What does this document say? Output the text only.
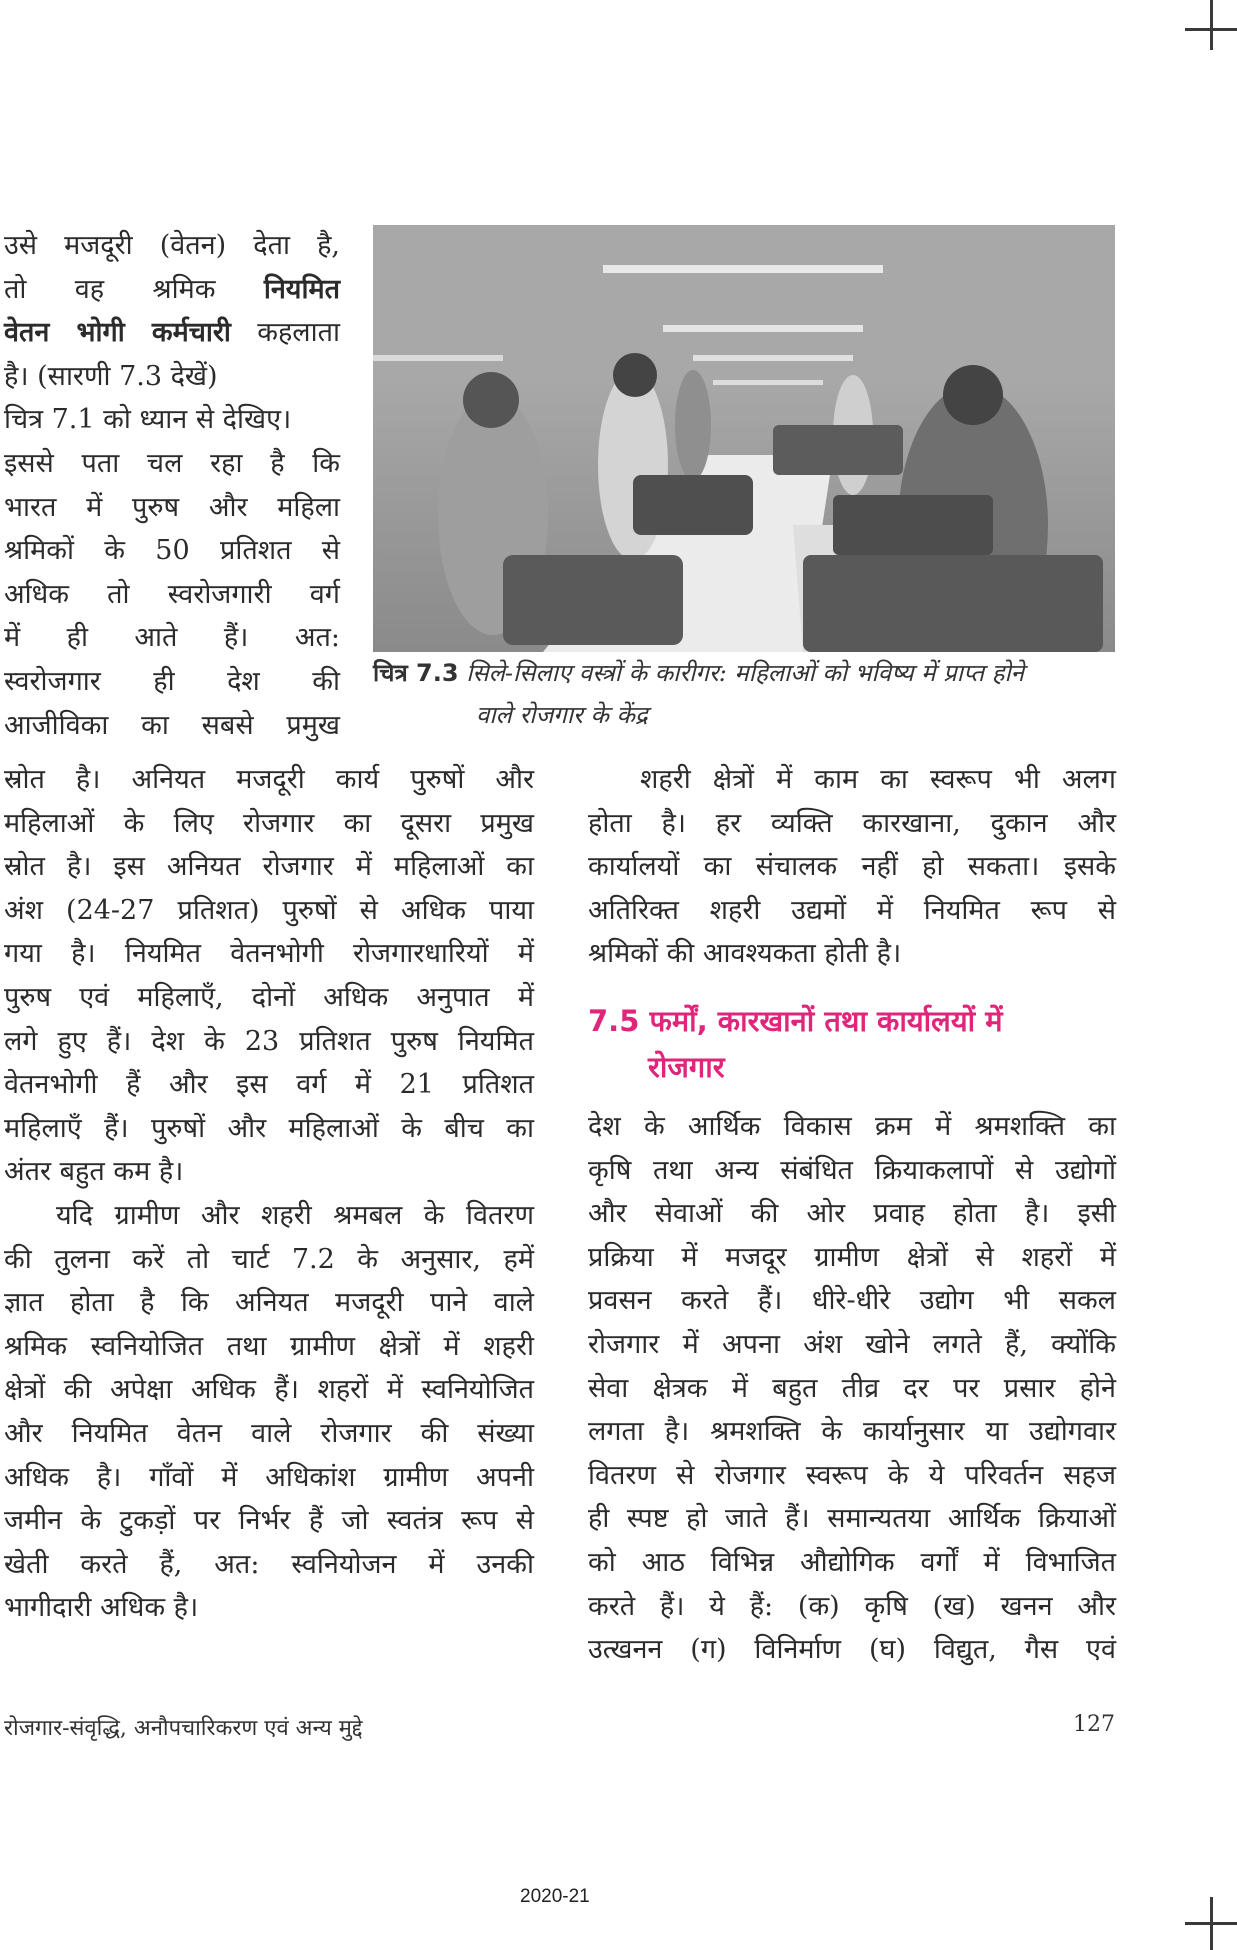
उसे मजदूरी (वेतन) देता है,
तो वह श्रमिक नियमित
वेतन भोगी कर्मचारी कहलाता
है। (सारणी 7.3 देखें)
चित्र 7.1 को ध्यान से देखिए।
इससे पता चल रहा है कि
भारत में पुरुष और महिला
श्रमिकों के 50 प्रतिशत से
अधिक तो स्वरोजगारी वर्ग
में ही आते हैं। अत:
स्वरोजगार ही देश की
आजीविका का सबसे प्रमुख
चित्र 7.3 सिले-सिलाए वस्त्रों के कारीगर: महिलाओं को भविष्य में प्राप्त होने
वाले रोजगार के केंद्र
स्रोत है। अनियत मजदूरी कार्य पुरुषों और
महिलाओं के लिए रोजगार का दूसरा प्रमुख
स्रोत है। इस अनियत रोजगार में महिलाओं का
अंश (24-27 प्रतिशत) पुरुषों से अधिक पाया
गया है। नियमित वेतनभोगी रोजगारधारियों में
पुरुष एवं महिलाएँ, दोनों अधिक अनुपात में
लगे हुए हैं। देश के 23 प्रतिशत पुरुष नियमित
वेतनभोगी हैं और इस वर्ग में 21 प्रतिशत
महिलाएँ हैं। पुरुषों और महिलाओं के बीच का
अंतर बहुत कम है।
यदि ग्रामीण और शहरी श्रमबल के वितरण
की तुलना करें तो चार्ट 7.2 के अनुसार, हमें
ज्ञात होता है कि अनियत मजदूरी पाने वाले
श्रमिक स्वनियोजित तथा ग्रामीण क्षेत्रों में शहरी
क्षेत्रों की अपेक्षा अधिक हैं। शहरों में स्वनियोजित
और नियमित वेतन वाले रोजगार की संख्या
अधिक है। गाँवों में अधिकांश ग्रामीण अपनी
जमीन के टुकड़ों पर निर्भर हैं जो स्वतंत्र रूप से
खेती करते हैं, अत: स्वनियोजन में उनकी
भागीदारी अधिक है।
शहरी क्षेत्रों में काम का स्वरूप भी अलग
होता है। हर व्यक्ति कारखाना, दुकान और
कार्यालयों का संचालक नहीं हो सकता। इसके
अतिरिक्त शहरी उद्यमों में नियमित रूप से
श्रमिकों की आवश्यकता होती है।
7.5 फर्मों, कारखानों तथा कार्यालयों में
रोजगार
देश के आर्थिक विकास क्रम में श्रमशक्ति का
कृषि तथा अन्य संबंधित क्रियाकलापों से उद्योगों
और सेवाओं की ओर प्रवाह होता है। इसी
प्रक्रिया में मजदूर ग्रामीण क्षेत्रों से शहरों में
प्रवसन करते हैं। धीरे-धीरे उद्योग भी सकल
रोजगार में अपना अंश खोने लगते हैं, क्योंकि
सेवा क्षेत्रक में बहुत तीव्र दर पर प्रसार होने
लगता है। श्रमशक्ति के कार्यानुसार या उद्योगवार
वितरण से रोजगार स्वरूप के ये परिवर्तन सहज
ही स्पष्ट हो जाते हैं। समान्यतया आर्थिक क्रियाओं
को आठ विभिन्न औद्योगिक वर्गों में विभाजित
करते हैं। ये हैं: (क) कृषि (ख) खनन और
उत्खनन (ग) विनिर्माण (घ) विद्युत, गैस एवं
रोजगार-संवृद्धि, अनौपचारिकरण एवं अन्य मुद्दे	127
2020-21
